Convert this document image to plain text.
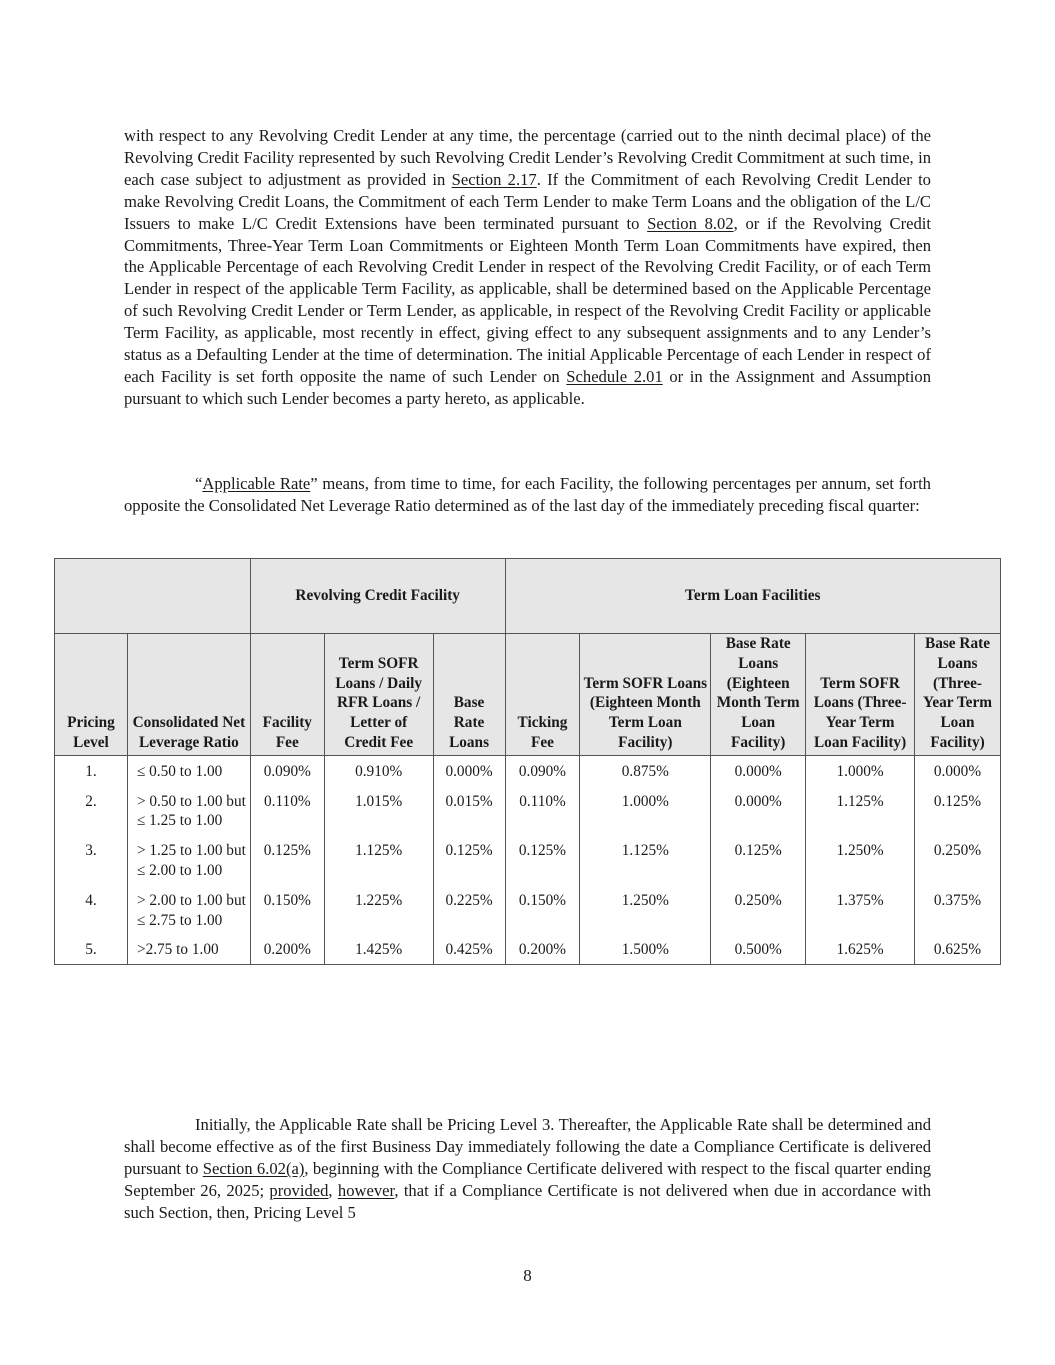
with respect to any Revolving Credit Lender at any time, the percentage (carried out to the ninth decimal place) of the Revolving Credit Facility represented by such Revolving Credit Lender’s Revolving Credit Commitment at such time, in each case subject to adjustment as provided in Section 2.17. If the Commitment of each Revolving Credit Lender to make Revolving Credit Loans, the Commitment of each Term Lender to make Term Loans and the obligation of the L/C Issuers to make L/C Credit Extensions have been terminated pursuant to Section 8.02, or if the Revolving Credit Commitments, Three-Year Term Loan Commitments or Eighteen Month Term Loan Commitments have expired, then the Applicable Percentage of each Revolving Credit Lender in respect of the Revolving Credit Facility, or of each Term Lender in respect of the applicable Term Facility, as applicable, shall be determined based on the Applicable Percentage of such Revolving Credit Lender or Term Lender, as applicable, in respect of the Revolving Credit Facility or applicable Term Facility, as applicable, most recently in effect, giving effect to any subsequent assignments and to any Lender’s status as a Defaulting Lender at the time of determination. The initial Applicable Percentage of each Lender in respect of each Facility is set forth opposite the name of such Lender on Schedule 2.01 or in the Assignment and Assumption pursuant to which such Lender becomes a party hereto, as applicable.

“Applicable Rate” means, from time to time, for each Facility, the following percentages per annum, set forth opposite the Consolidated Net Leverage Ratio determined as of the last day of the immediately preceding fiscal quarter:

		Revolving Credit Facility			Term Loan Facilities				
Pricing Level	Consolidated Net Leverage Ratio	Facility Fee	Term SOFR Loans / Daily RFR Loans / Letter of Credit Fee	Base Rate Loans	Ticking Fee	Term SOFR Loans (Eighteen Month Term Loan Facility)	Base Rate Loans (Eighteen Month Term Loan Facility)	Term SOFR Loans (Three-Year Term Loan Facility)	Base Rate Loans (Three-Year Term Loan Facility)
1.	≤ 0.50 to 1.00	0.090%	0.910%	0.000%	0.090%	0.875%	0.000%	1.000%	0.000%
2.	> 0.50 to 1.00 but ≤ 1.25 to 1.00	0.110%	1.015%	0.015%	0.110%	1.000%	0.000%	1.125%	0.125%
3.	> 1.25 to 1.00 but ≤ 2.00 to 1.00	0.125%	1.125%	0.125%	0.125%	1.125%	0.125%	1.250%	0.250%
4.	> 2.00 to 1.00 but ≤ 2.75 to 1.00	0.150%	1.225%	0.225%	0.150%	1.250%	0.250%	1.375%	0.375%
5.	>2.75 to 1.00	0.200%	1.425%	0.425%	0.200%	1.500%	0.500%	1.625%	0.625%

Initially, the Applicable Rate shall be Pricing Level 3. Thereafter, the Applicable Rate shall be determined and shall become effective as of the first Business Day immediately following the date a Compliance Certificate is delivered pursuant to Section 6.02(a), beginning with the Compliance Certificate delivered with respect to the fiscal quarter ending September 26, 2025; provided, however, that if a Compliance Certificate is not delivered when due in accordance with such Section, then, Pricing Level 5

8
